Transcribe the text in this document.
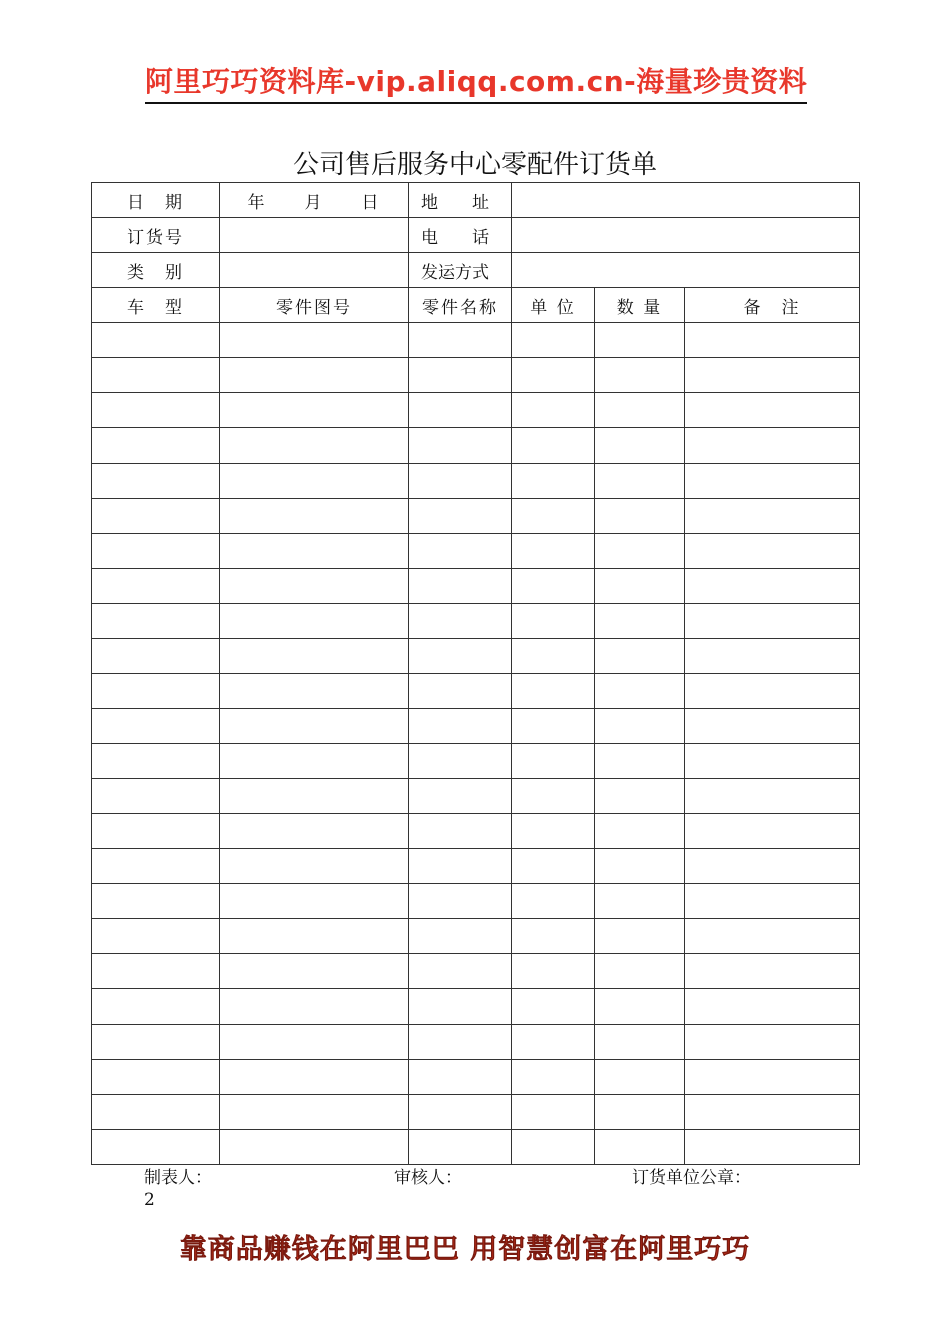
阿里巧巧资料库-vip.aliqq.com.cn-海量珍贵资料
公司售后服务中心零配件订货单
日　期	年　　月　　日	地　　址			
订货号		电　　话			
类　别		发运方式			
车　型	零件图号	零件名称	单 位	数 量	备　注

制表人：	审核人：	订货单位公章：
2
靠商品赚钱在阿里巴巴 用智慧创富在阿里巧巧
